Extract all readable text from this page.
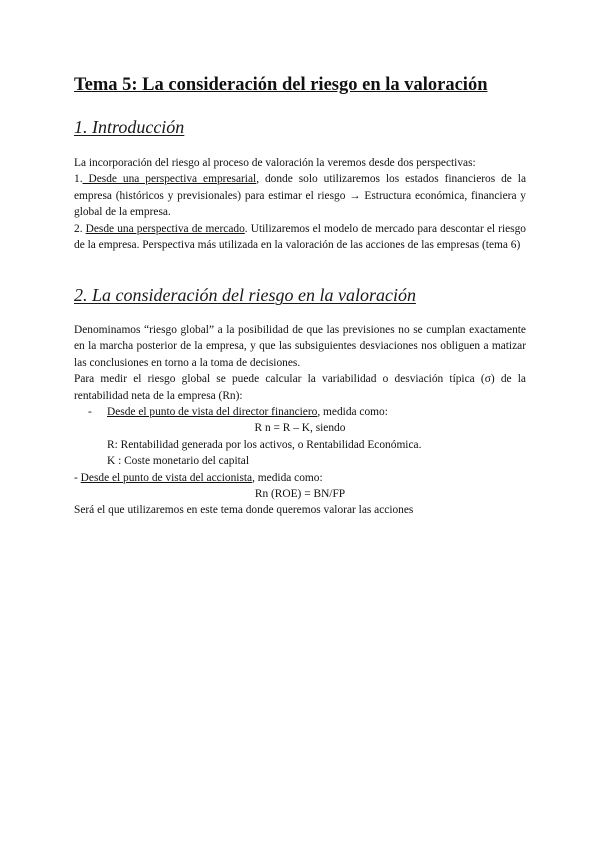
Tema 5: La consideración del riesgo en la valoración
1. Introducción

La incorporación del riesgo al proceso de valoración la veremos desde dos perspectivas:

1. Desde una perspectiva empresarial, donde solo utilizaremos los estados financieros de la empresa (históricos y previsionales) para estimar el riesgo → Estructura económica, financiera y global de la empresa.

2. Desde una perspectiva de mercado. Utilizaremos el modelo de mercado para descontar el riesgo de la empresa. Perspectiva más utilizada en la valoración de las acciones de las empresas (tema 6)

2. La consideración del riesgo en la valoración

Denominamos “riesgo global” a la posibilidad de que las previsiones no se cumplan exactamente en la marcha posterior de la empresa, y que las subsiguientes desviaciones nos obliguen a matizar las conclusiones en torno a la toma de decisiones.

Para medir el riesgo global se puede calcular la variabilidad o desviación típica (σ) de la rentabilidad neta de la empresa (Rn):

- Desde el punto de vista del director financiero, medida como:

R n = R – K, siendo

R: Rentabilidad generada por los activos, o Rentabilidad Económica.

K : Coste monetario del capital

- Desde el punto de vista del accionista, medida como:

Rn (ROE) = BN/FP

Será el que utilizaremos en este tema donde queremos valorar las acciones
